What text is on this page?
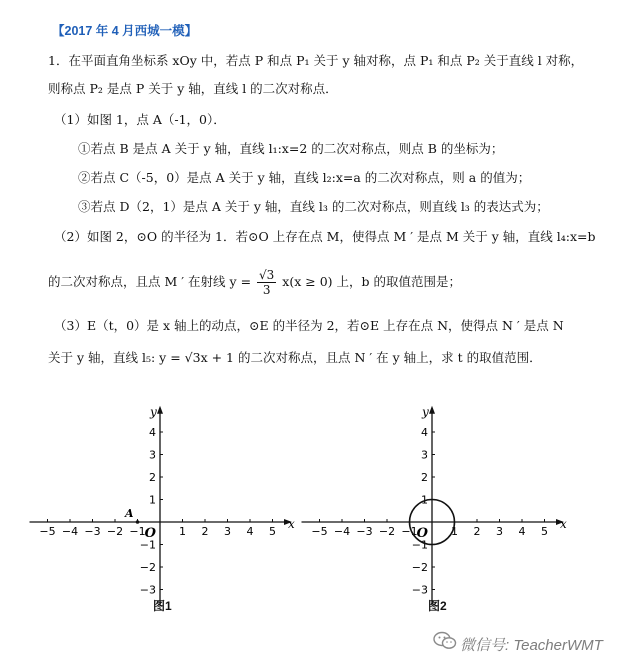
【2017 年 4 月西城一模】
1．在平面直角坐标系 xOy 中，若点 P 和点 P₁ 关于 y 轴对称，点 P₁ 和点 P₂ 关于直线 l 对称，
则称点 P₂ 是点 P 关于 y 轴，直线 l 的二次对称点．
（1）如图 1，点 A（-1，0）．
①若点 B 是点 A 关于 y 轴，直线 l₁:x=2 的二次对称点，则点 B 的坐标为；
②若点 C（-5，0）是点 A 关于 y 轴，直线 l₂:x=a 的二次对称点，则 a 的值为；
③若点 D（2，1）是点 A 关于 y 轴，直线 l₃ 的二次对称点，则直线 l₃ 的表达式为；
（2）如图 2，⊙O 的半径为 1．若⊙O 上存在点 M，使得点 M ′ 是点 M 关于 y 轴，直线 l₄:x=b
的二次对称点，且点 M ′ 在射线 $y = \frac{√3}{3} x(x \ge 0)$ 上，b 的取值范围是；
（3）E（t，0）是 x 轴上的动点，⊙E 的半径为 2，若⊙E 上存在点 N，使得点 N ′ 是点 N
关于 y 轴，直线 l₅: y = √3x + 1 的二次对称点，且点 N ′ 在 y 轴上，求 t 的取值范围．
−5 −4 −3 −2 −1	1 2 3 4 5
4
3
2
1
−1
−2
−3
x
y
O
A
图1
−5 −4 −3 −2 −1	1 2 3 4 5
4
3
2
1
−1
−2
−3
x
y
O
图2
微信号: TeacherWMT
